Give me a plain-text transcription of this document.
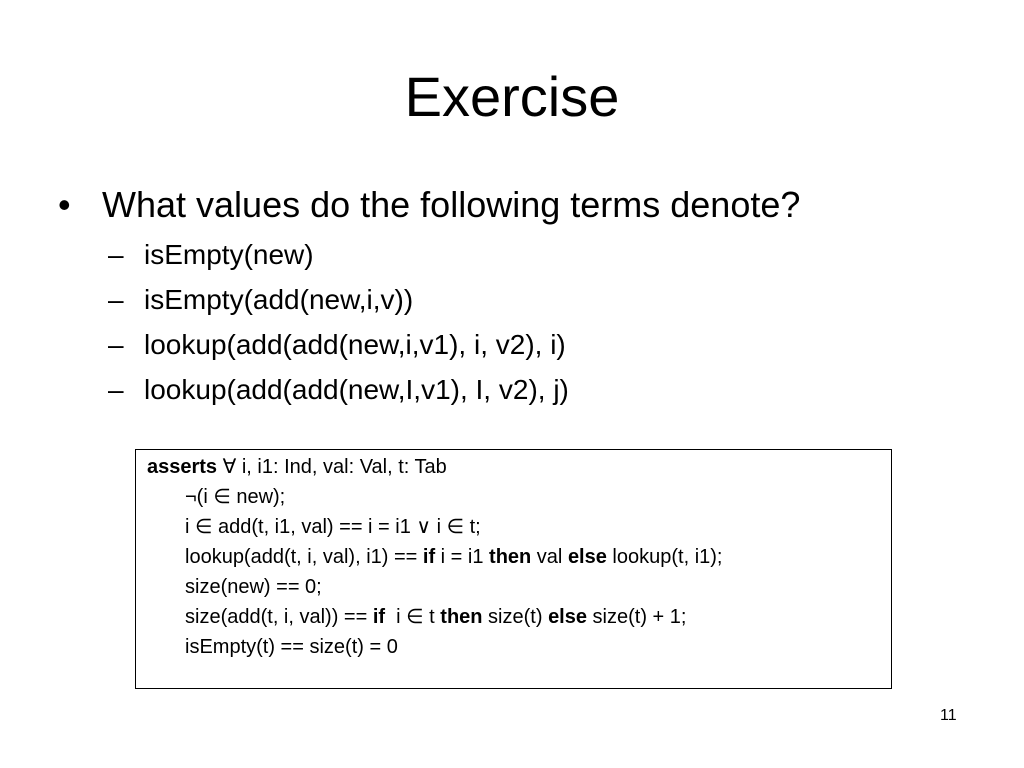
Exercise
• What values do the following terms denote?
– isEmpty(new)
– isEmpty(add(new,i,v))
– lookup(add(add(new,i,v1), i, v2), i)
– lookup(add(add(new,I,v1), I, v2), j)
asserts ∀ i, i1: Ind, val: Val, t: Tab
¬(i ∈ new);
i ∈ add(t, i1, val) == i = i1 ∨ i ∈ t;
lookup(add(t, i, val), i1) == if i = i1 then val else lookup(t, i1);
size(new) == 0;
size(add(t, i, val)) == if  i ∈ t then size(t) else size(t) + 1;
isEmpty(t) == size(t) = 0
11
